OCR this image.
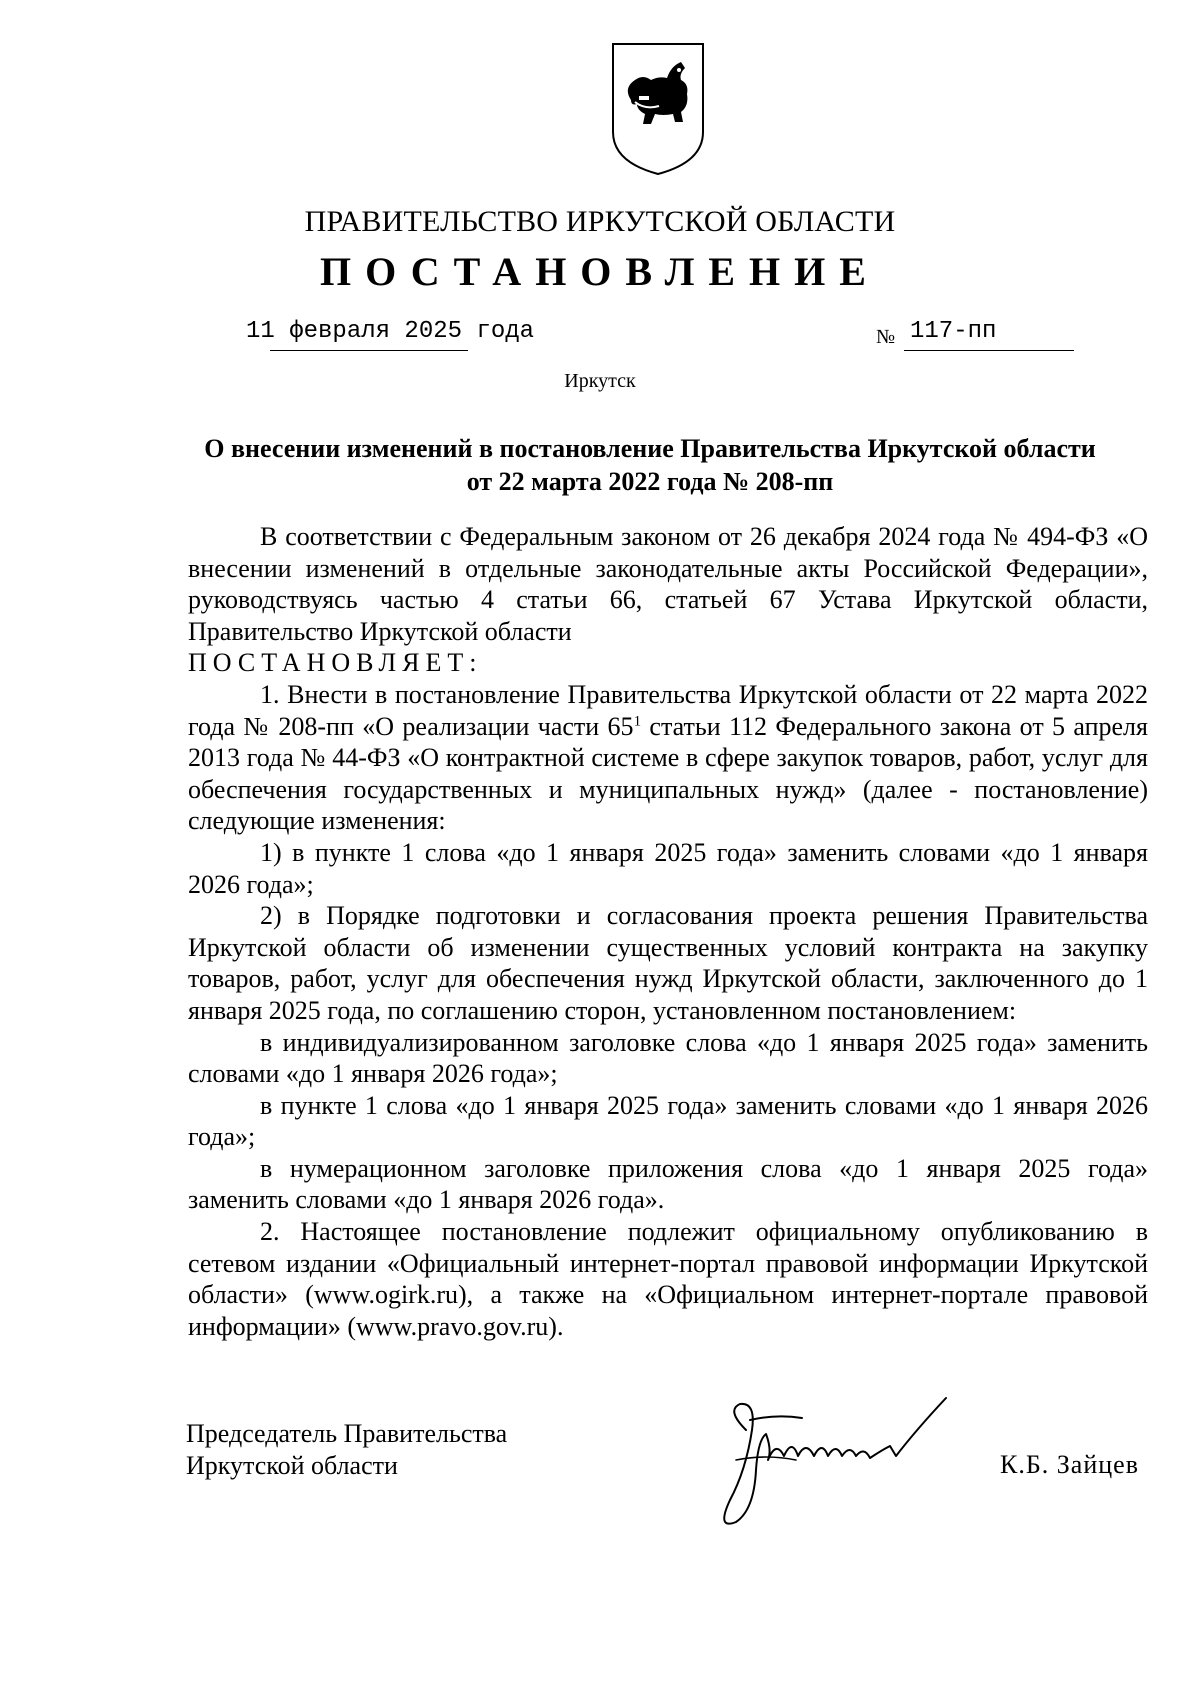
ПРАВИТЕЛЬСТВО ИРКУТСКОЙ ОБЛАСТИ
ПОСТАНОВЛЕНИЕ
11 февраля 2025 года	№ 117-пп
Иркутск
О внесении изменений в постановление Правительства Иркутской области
от 22 марта 2022 года № 208-пп

В соответствии с Федеральным законом от 26 декабря 2024 года № 494-ФЗ «О внесении изменений в отдельные законодательные акты Российской Федерации», руководствуясь частью 4 статьи 66, статьей 67 Устава Иркутской области, Правительство Иркутской области

ПОСТАНОВЛЯЕТ:

1. Внести в постановление Правительства Иркутской области от 22 марта 2022 года № 208-пп «О реализации части $65^1$ статьи 112 Федерального закона от 5 апреля 2013 года № 44-ФЗ «О контрактной системе в сфере закупок товаров, работ, услуг для обеспечения государственных и муниципальных нужд» (далее - постановление) следующие изменения:

1) в пункте 1 слова «до 1 января 2025 года» заменить словами «до 1 января 2026 года»;

2) в Порядке подготовки и согласования проекта решения Правительства Иркутской области об изменении существенных условий контракта на закупку товаров, работ, услуг для обеспечения нужд Иркутской области, заключенного до 1 января 2025 года, по соглашению сторон, установленном постановлением:

в индивидуализированном заголовке слова «до 1 января 2025 года» заменить словами «до 1 января 2026 года»;

в пункте 1 слова «до 1 января 2025 года» заменить словами «до 1 января 2026 года»;

в нумерационном заголовке приложения слова «до 1 января 2025 года» заменить словами «до 1 января 2026 года».

2. Настоящее постановление подлежит официальному опубликованию в сетевом издании «Официальный интернет-портал правовой информации Иркутской области» (www.ogirk.ru), а также на «Официальном интернет-портале правовой информации» (www.pravo.gov.ru).

Председатель Правительства
Иркутской области	К.Б. Зайцев
